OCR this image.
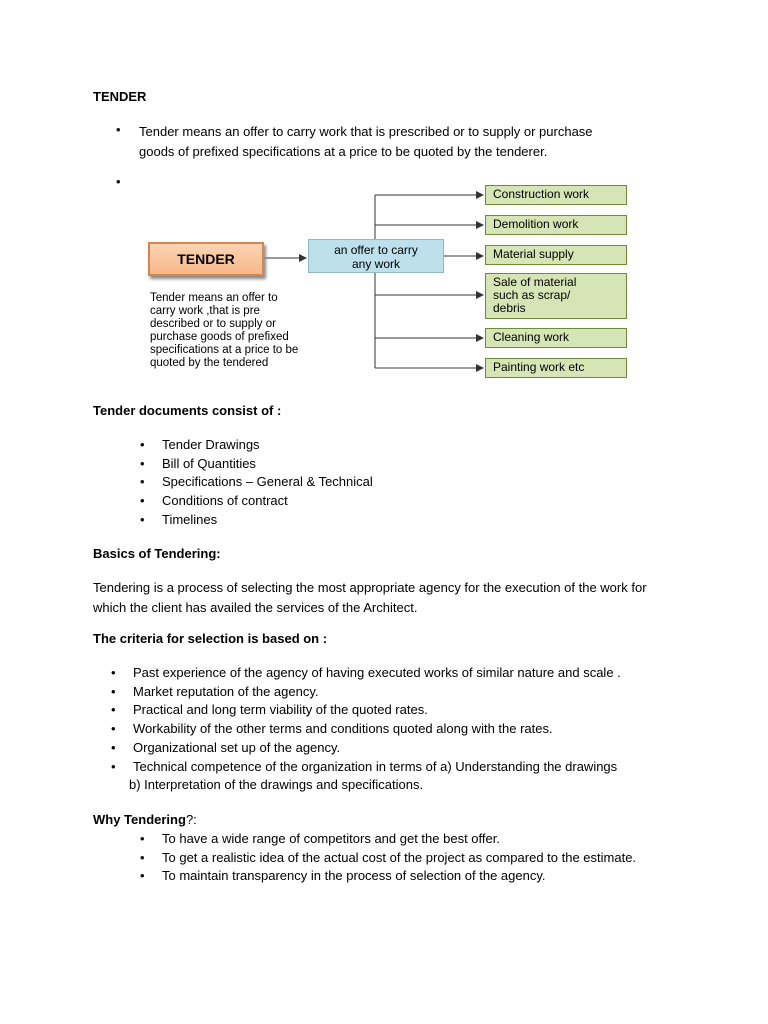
TENDER
• Tender means an offer to carry work that is prescribed or to supply or purchase
goods of prefixed specifications at a price to be quoted by the tenderer.
•
TENDER
an offer to carry
any work
Tender means an offer to
carry work ,that is pre
described or to supply or
purchase goods of prefixed
specifications at a price to be
quoted by the tendered
Construction work
Demolition work
Material supply
Sale of material such as scrap/ debris
Cleaning work
Painting work etc
Tender documents consist of :
• Tender Drawings
• Bill of Quantities
• Specifications – General & Technical
• Conditions of contract
• Timelines
Basics of Tendering:
Tendering is a process of selecting the most appropriate agency for the execution of the work for which the client has availed the services of the Architect.
The criteria for selection is based on :
• Past experience of the agency of having executed works of similar nature and scale .
• Market reputation of the agency.
• Practical and long term viability of the quoted rates.
• Workability of the other terms and conditions quoted along with the rates.
• Organizational set up of the agency.
• Technical competence of the organization in terms of a) Understanding the drawings
b) Interpretation of the drawings and specifications.
Why Tendering?:
• To have a wide range of competitors and get the best offer.
•	To get a realistic idea of the actual cost of the project as compared to the estimate.
• To maintain transparency in the process of selection of the agency.
